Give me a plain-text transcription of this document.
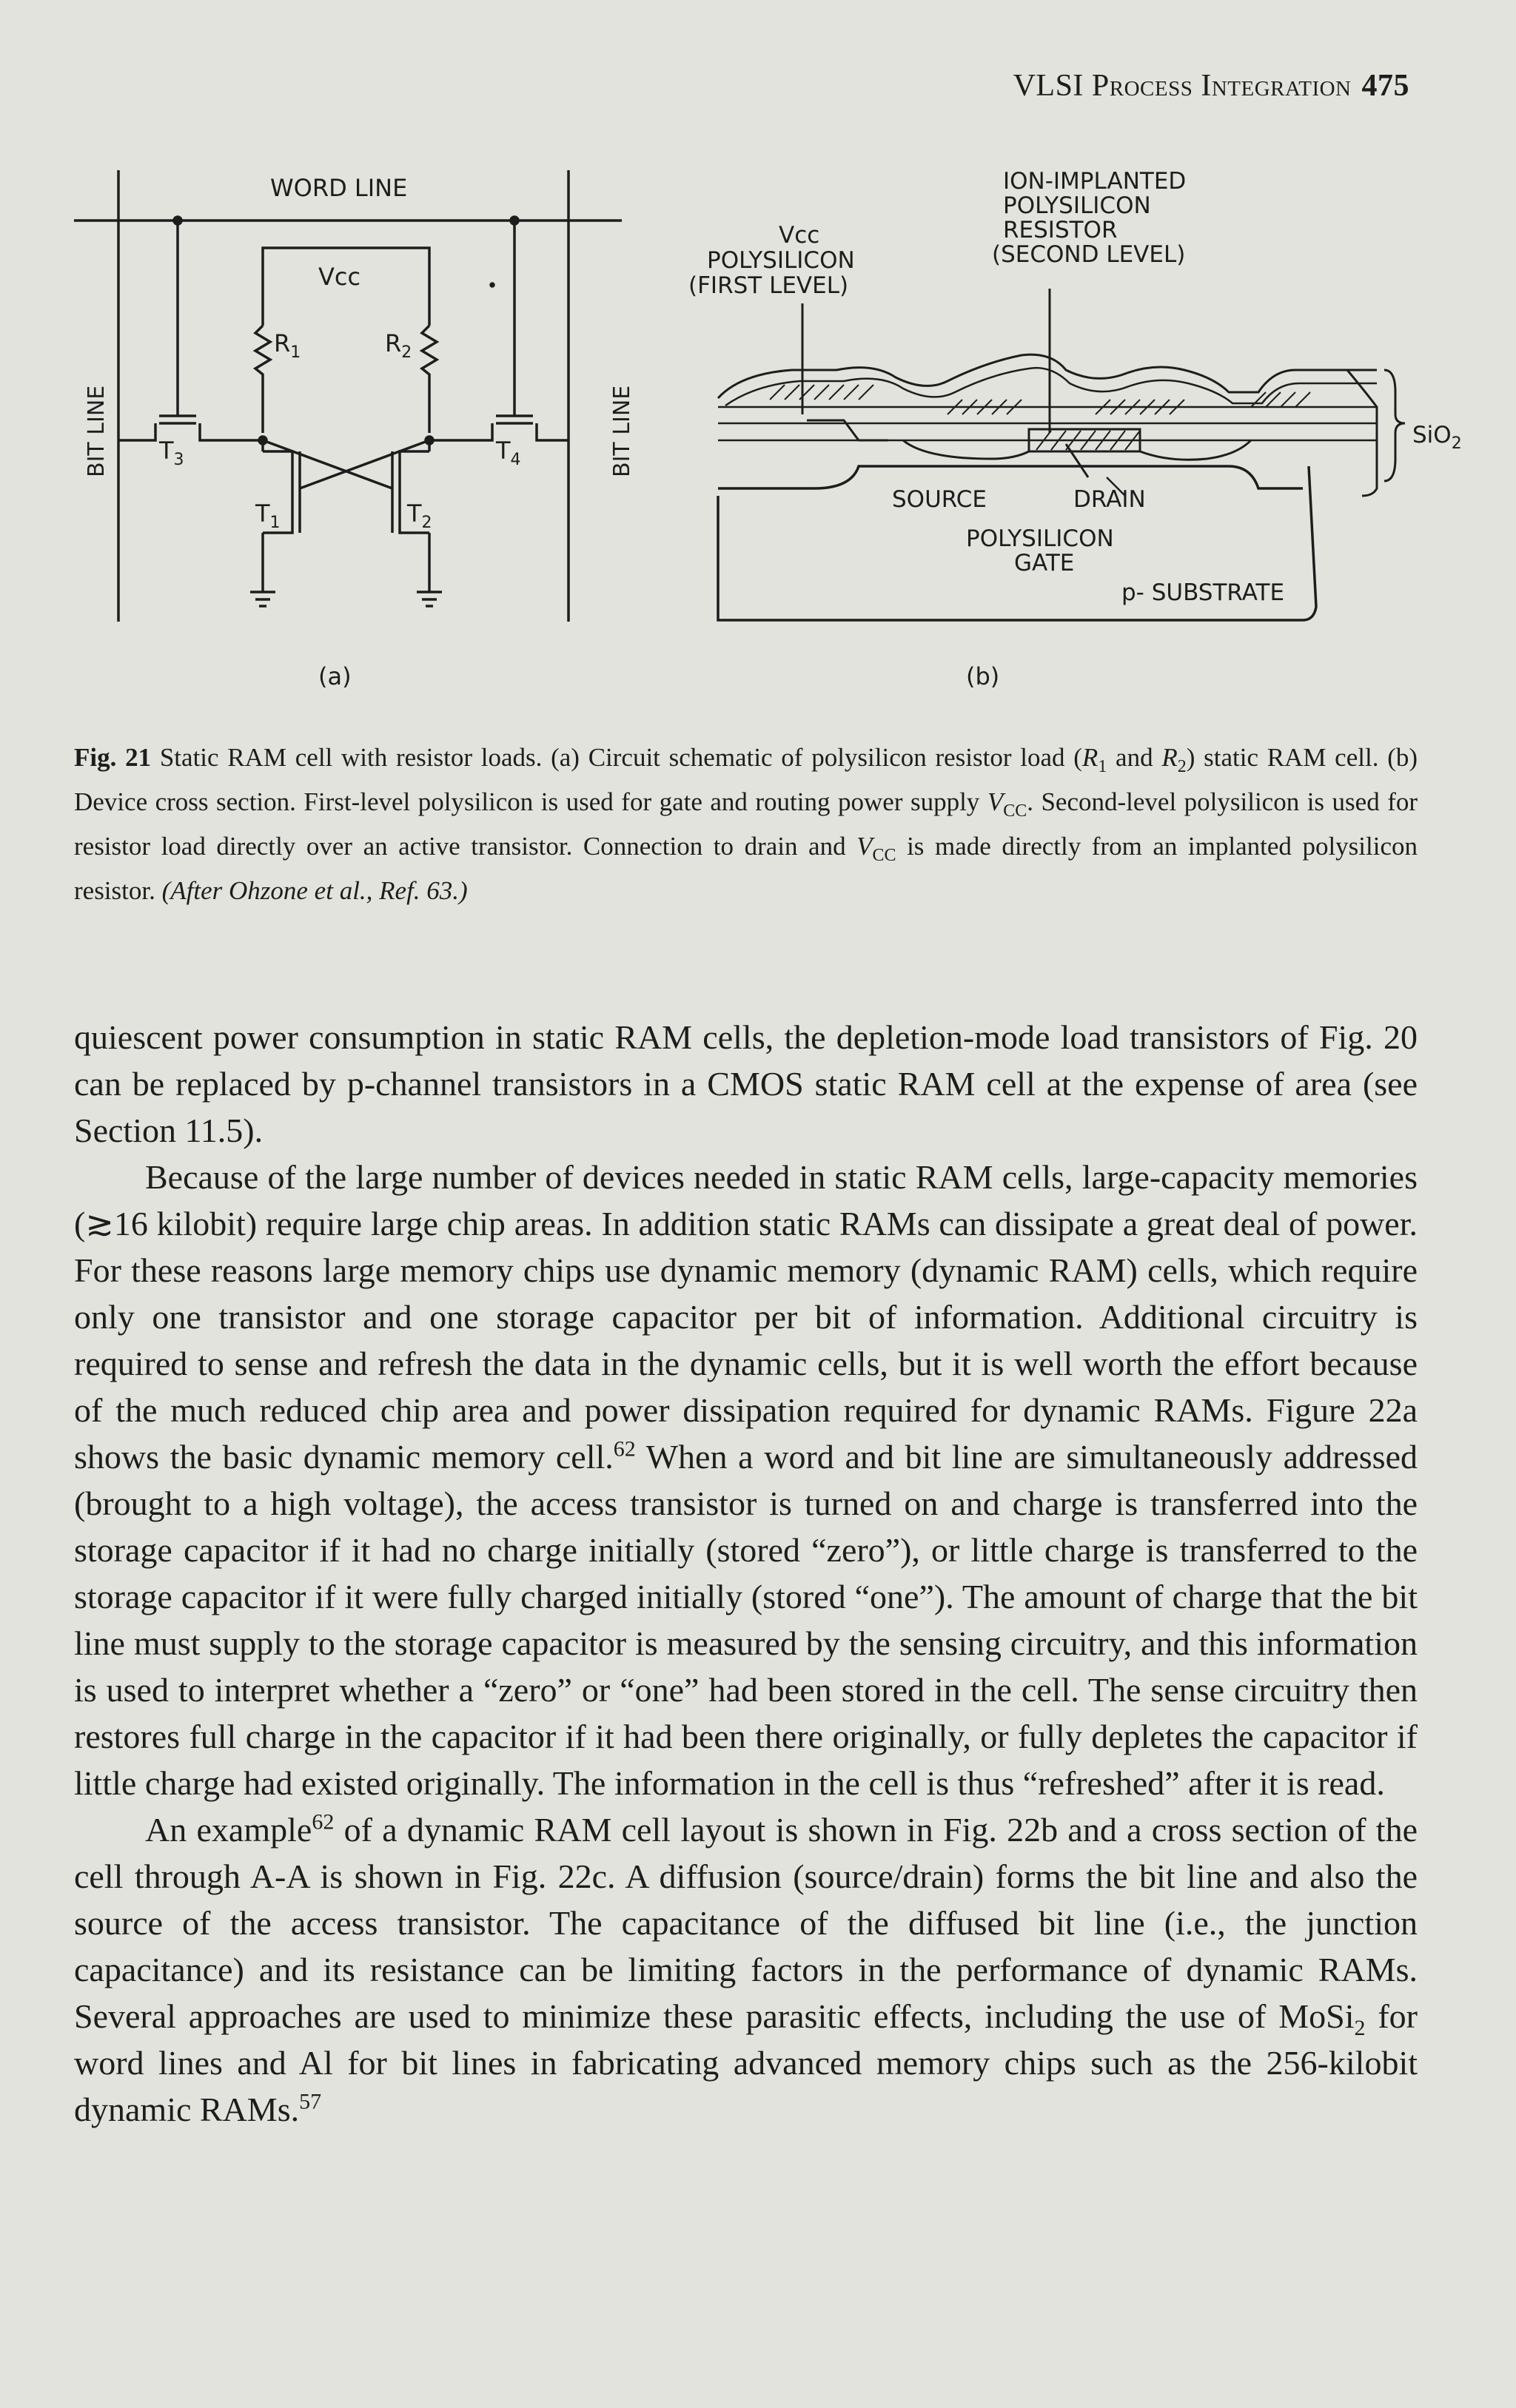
VLSI Process Integration 475
WORD LINE
Vcc
$R_1$	$R_2$
$T_3$	$T_4$
$T_1$	$T_2$
BIT LINE	BIT LINE
(a)
ION-IMPLANTED
POLYSILICON
RESISTOR
(SECOND LEVEL)
Vcc
POLYSILICON
(FIRST LEVEL)
SiO$_2$
SOURCE	DRAIN
POLYSILICON
GATE
p- SUBSTRATE
(b)
Fig. 21 Static RAM cell with resistor loads. (a) Circuit schematic of polysilicon resistor load ($R_1$ and $R_2$) static RAM cell. (b) Device cross section. First-level polysilicon is used for gate and routing power supply $V_{CC}$. Second-level polysilicon is used for resistor load directly over an active transistor. Connection to drain and $V_{CC}$ is made directly from an implanted polysilicon resistor. (After Ohzone et al., Ref. 63.)

quiescent power consumption in static RAM cells, the depletion-mode load transistors of Fig. 20 can be replaced by p-channel transistors in a CMOS static RAM cell at the expense of area (see Section 11.5).

Because of the large number of devices needed in static RAM cells, large-capacity memories (≳16 kilobit) require large chip areas. In addition static RAMs can dissipate a great deal of power. For these reasons large memory chips use dynamic memory (dynamic RAM) cells, which require only one transistor and one storage capacitor per bit of information. Additional circuitry is required to sense and refresh the data in the dynamic cells, but it is well worth the effort because of the much reduced chip area and power dissipation required for dynamic RAMs. Figure 22a shows the basic dynamic memory cell.$^{62}$ When a word and bit line are simultaneously addressed (brought to a high voltage), the access transistor is turned on and charge is transferred into the storage capacitor if it had no charge initially (stored “zero”), or little charge is transferred to the storage capacitor if it were fully charged initially (stored “one”). The amount of charge that the bit line must supply to the storage capacitor is measured by the sensing circuitry, and this information is used to interpret whether a “zero” or “one” had been stored in the cell. The sense circuitry then restores full charge in the capacitor if it had been there originally, or fully depletes the capacitor if little charge had existed originally. The information in the cell is thus “refreshed” after it is read.

An example$^{62}$ of a dynamic RAM cell layout is shown in Fig. 22b and a cross section of the cell through A-A is shown in Fig. 22c. A diffusion (source/drain) forms the bit line and also the source of the access transistor. The capacitance of the diffused bit line (i.e., the junction capacitance) and its resistance can be limiting factors in the performance of dynamic RAMs. Several approaches are used to minimize these parasitic effects, including the use of MoSi$_2$ for word lines and Al for bit lines in fabricating advanced memory chips such as the 256-kilobit dynamic RAMs.$^{57}$
